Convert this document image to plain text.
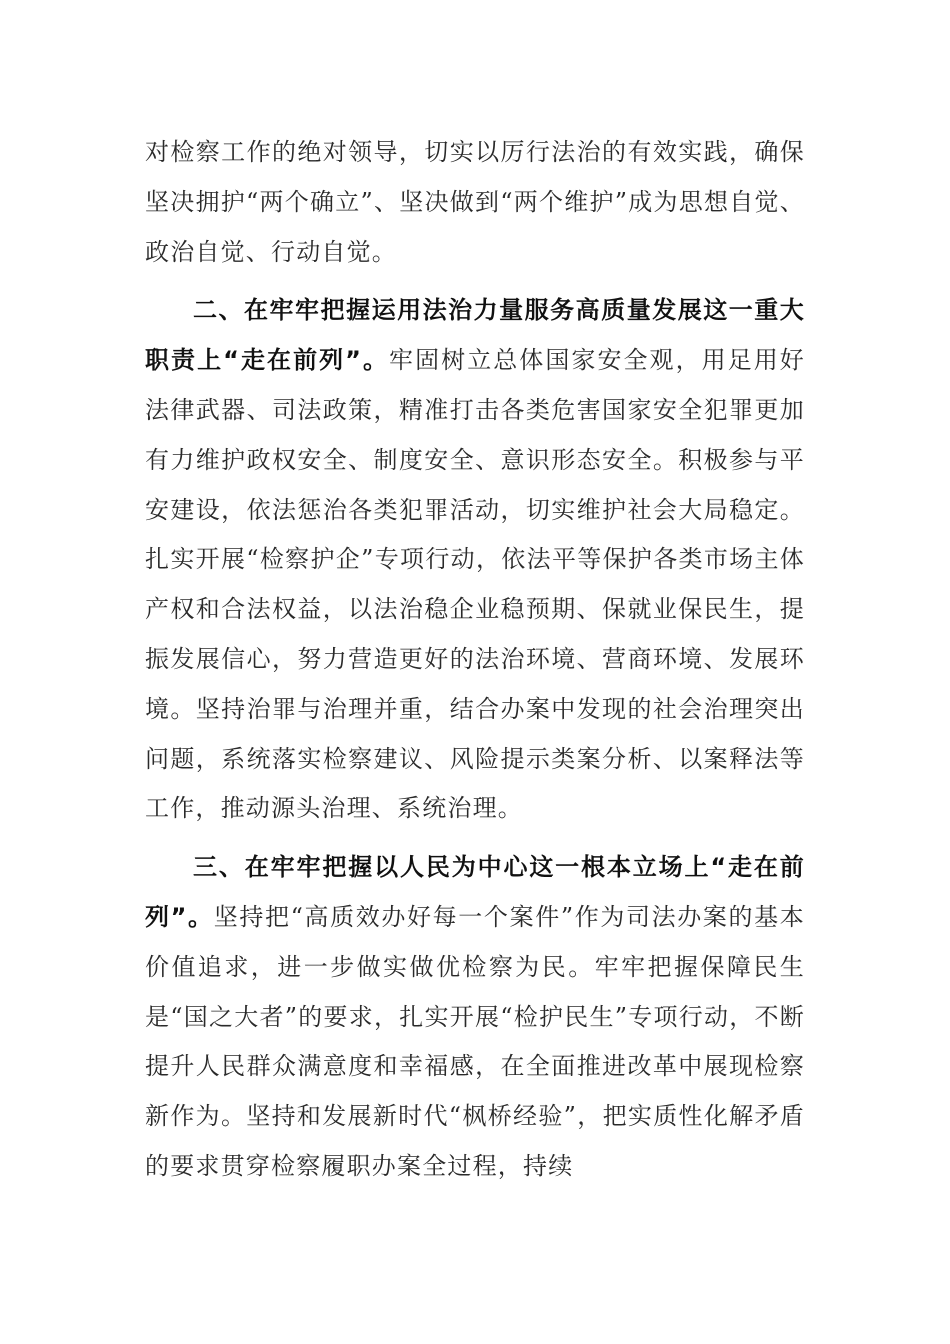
对检察工作的绝对领导，切实以厉行法治的有效实践，确保坚决拥护“两个确立”、坚决做到“两个维护”成为思想自觉、政治自觉、行动自觉。

二、在牢牢把握运用法治力量服务高质量发展这一重大职责上“走在前列”。牢固树立总体国家安全观，用足用好法律武器、司法政策，精准打击各类危害国家安全犯罪更加有力维护政权安全、制度安全、意识形态安全。积极参与平安建设，依法惩治各类犯罪活动，切实维护社会大局稳定。扎实开展“检察护企”专项行动，依法平等保护各类市场主体产权和合法权益，以法治稳企业稳预期、保就业保民生，提振发展信心，努力营造更好的法治环境、营商环境、发展环境。坚持治罪与治理并重，结合办案中发现的社会治理突出问题，系统落实检察建议、风险提示类案分析、以案释法等工作，推动源头治理、系统治理。

三、在牢牢把握以人民为中心这一根本立场上“走在前列”。坚持把“高质效办好每一个案件”作为司法办案的基本价值追求，进一步做实做优检察为民。牢牢把握保障民生是“国之大者”的要求，扎实开展“检护民生”专项行动，不断提升人民群众满意度和幸福感，在全面推进改革中展现检察新作为。坚持和发展新时代“枫桥经验”，把实质性化解矛盾的要求贯穿检察履职办案全过程，持续
